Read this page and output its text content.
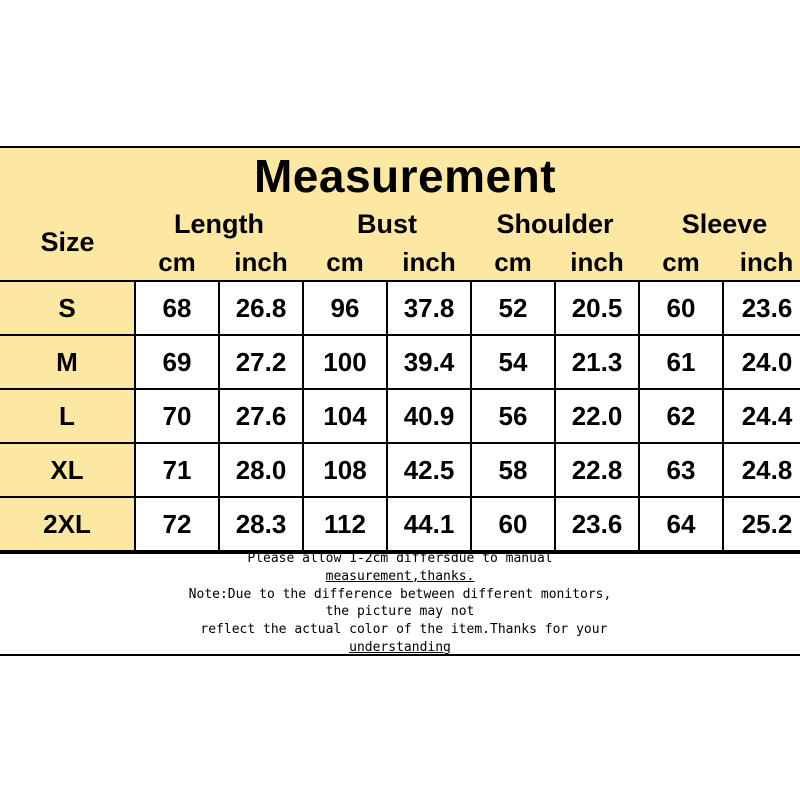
Measurement								
Size	Length		Bust		Shoulder		Sleeve	
	cm	inch	cm	inch	cm	inch	cm	inch
S	68	26.8	96	37.8	52	20.5	60	23.6
M	69	27.2	100	39.4	54	21.3	61	24.0
L	70	27.6	104	40.9	56	22.0	62	24.4
XL	71	28.0	108	42.5	58	22.8	63	24.8
2XL	72	28.3	112	44.1	60	23.6	64	25.2
Please allow 1-2cm differsdue to manual
measurement,thanks.
Note:Due to the difference between different monitors,
the picture may not
reflect the actual color of the item.Thanks for your
understanding
